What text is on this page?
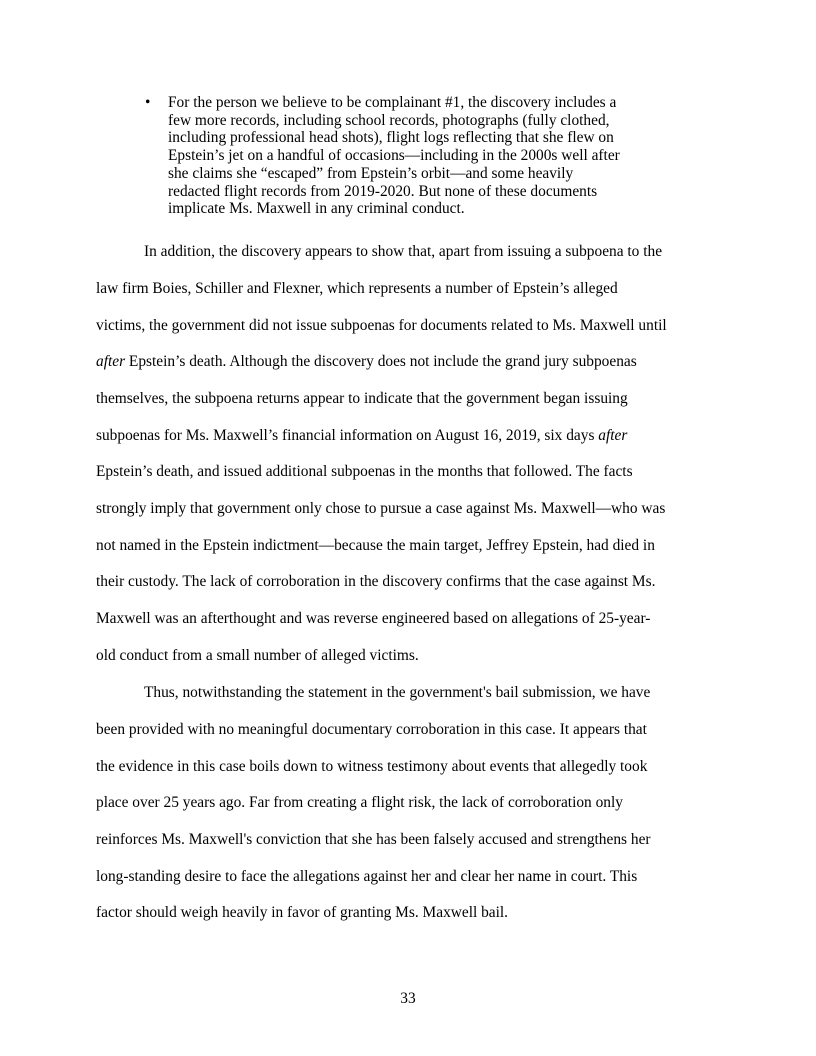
• For the person we believe to be complainant #1, the discovery includes a
few more records, including school records, photographs (fully clothed,
including professional head shots), flight logs reflecting that she flew on
Epstein’s jet on a handful of occasions—including in the 2000s well after
she claims she “escaped” from Epstein’s orbit—and some heavily
redacted flight records from 2019-2020. But none of these documents
implicate Ms. Maxwell in any criminal conduct.
In addition, the discovery appears to show that, apart from issuing a subpoena to the
law firm Boies, Schiller and Flexner, which represents a number of Epstein’s alleged
victims, the government did not issue subpoenas for documents related to Ms. Maxwell until
after Epstein’s death. Although the discovery does not include the grand jury subpoenas
themselves, the subpoena returns appear to indicate that the government began issuing
subpoenas for Ms. Maxwell’s financial information on August 16, 2019, six days after
Epstein’s death, and issued additional subpoenas in the months that followed. The facts
strongly imply that government only chose to pursue a case against Ms. Maxwell—who was
not named in the Epstein indictment—because the main target, Jeffrey Epstein, had died in
their custody. The lack of corroboration in the discovery confirms that the case against Ms.
Maxwell was an afterthought and was reverse engineered based on allegations of 25-year-
old conduct from a small number of alleged victims.
Thus, notwithstanding the statement in the government's bail submission, we have
been provided with no meaningful documentary corroboration in this case. It appears that
the evidence in this case boils down to witness testimony about events that allegedly took
place over 25 years ago. Far from creating a flight risk, the lack of corroboration only
reinforces Ms. Maxwell's conviction that she has been falsely accused and strengthens her
long-standing desire to face the allegations against her and clear her name in court. This
factor should weigh heavily in favor of granting Ms. Maxwell bail.
33
